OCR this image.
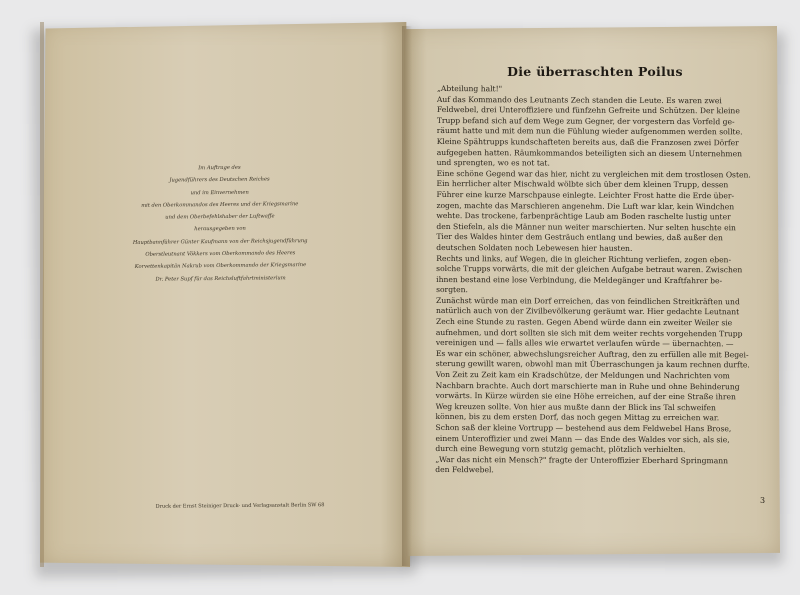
Im Auftrage des
Jugendführers des Deutschen Reiches
und im Einvernehmen
mit den Oberkommandos des Heeres und der Kriegsmarine
und dem Oberbefehlshaber der Luftwaffe
herausgegeben von
Hauptbannführer Günter Kaufmann von der Reichsjugendführung
Oberstleutnant Vökkers vom Oberkommando des Heeres
Korvettenkapitän Nakrub vom Oberkommando der Kriegsmarine
Dr. Peter Supf für das Reichsluftfahrtministerium
Druck der Ernst Steiniger Druck- und Verlagsanstalt Berlin SW 68
Die überraschten Poilus
„Abteilung halt!"
Auf das Kommando des Leutnants Zech standen die Leute. Es waren zwei
Feldwebel, drei Unteroffiziere und fünfzehn Gefreite und Schützen. Der kleine
Trupp befand sich auf dem Wege zum Gegner, der vorgestern das Vorfeld ge-
räumt hatte und mit dem nun die Fühlung wieder aufgenommen werden sollte.
Kleine Spähtrupps kundschafteten bereits aus, daß die Franzosen zwei Dörfer
aufgegeben hatten. Räumkommandos beteiligten sich an diesem Unternehmen
und sprengten, wo es not tat.
Eine schöne Gegend war das hier, nicht zu vergleichen mit dem trostlosen Osten.
Ein herrlicher alter Mischwald wölbte sich über dem kleinen Trupp, dessen
Führer eine kurze Marschpause einlegte. Leichter Frost hatte die Erde über-
zogen, machte das Marschieren angenehm. Die Luft war klar, kein Windchen
wehte. Das trockene, farbenprächtige Laub am Boden raschelte lustig unter
den Stiefeln, als die Männer nun weiter marschierten. Nur selten huschte ein
Tier des Waldes hinter dem Gesträuch entlang und bewies, daß außer den
deutschen Soldaten noch Lebewesen hier hausten.
Rechts und links, auf Wegen, die in gleicher Richtung verliefen, zogen eben-
solche Trupps vorwärts, die mit der gleichen Aufgabe betraut waren. Zwischen
ihnen bestand eine lose Verbindung, die Meldegänger und Kraftfahrer be-
sorgten.
Zunächst würde man ein Dorf erreichen, das von feindlichen Streitkräften und
natürlich auch von der Zivilbevölkerung geräumt war. Hier gedachte Leutnant
Zech eine Stunde zu rasten. Gegen Abend würde dann ein zweiter Weiler sie
aufnehmen, und dort sollten sie sich mit dem weiter rechts vorgehenden Trupp
vereinigen und — falls alles wie erwartet verlaufen würde — übernachten. —
Es war ein schöner, abwechslungsreicher Auftrag, den zu erfüllen alle mit Begei-
sterung gewillt waren, obwohl man mit Überraschungen ja kaum rechnen durfte.
Von Zeit zu Zeit kam ein Kradschütze, der Meldungen und Nachrichten vom
Nachbarn brachte. Auch dort marschierte man in Ruhe und ohne Behinderung
vorwärts. In Kürze würden sie eine Höhe erreichen, auf der eine Straße ihren
Weg kreuzen sollte. Von hier aus mußte dann der Blick ins Tal schweifen
können, bis zu dem ersten Dorf, das noch gegen Mittag zu erreichen war.
Schon saß der kleine Vortrupp — bestehend aus dem Feldwebel Hans Brose,
einem Unteroffizier und zwei Mann — das Ende des Waldes vor sich, als sie,
durch eine Bewegung vorn stutzig gemacht, plötzlich verhielten.
„War das nicht ein Mensch?" fragte der Unteroffizier Eberhard Springmann
den Feldwebel.
3
